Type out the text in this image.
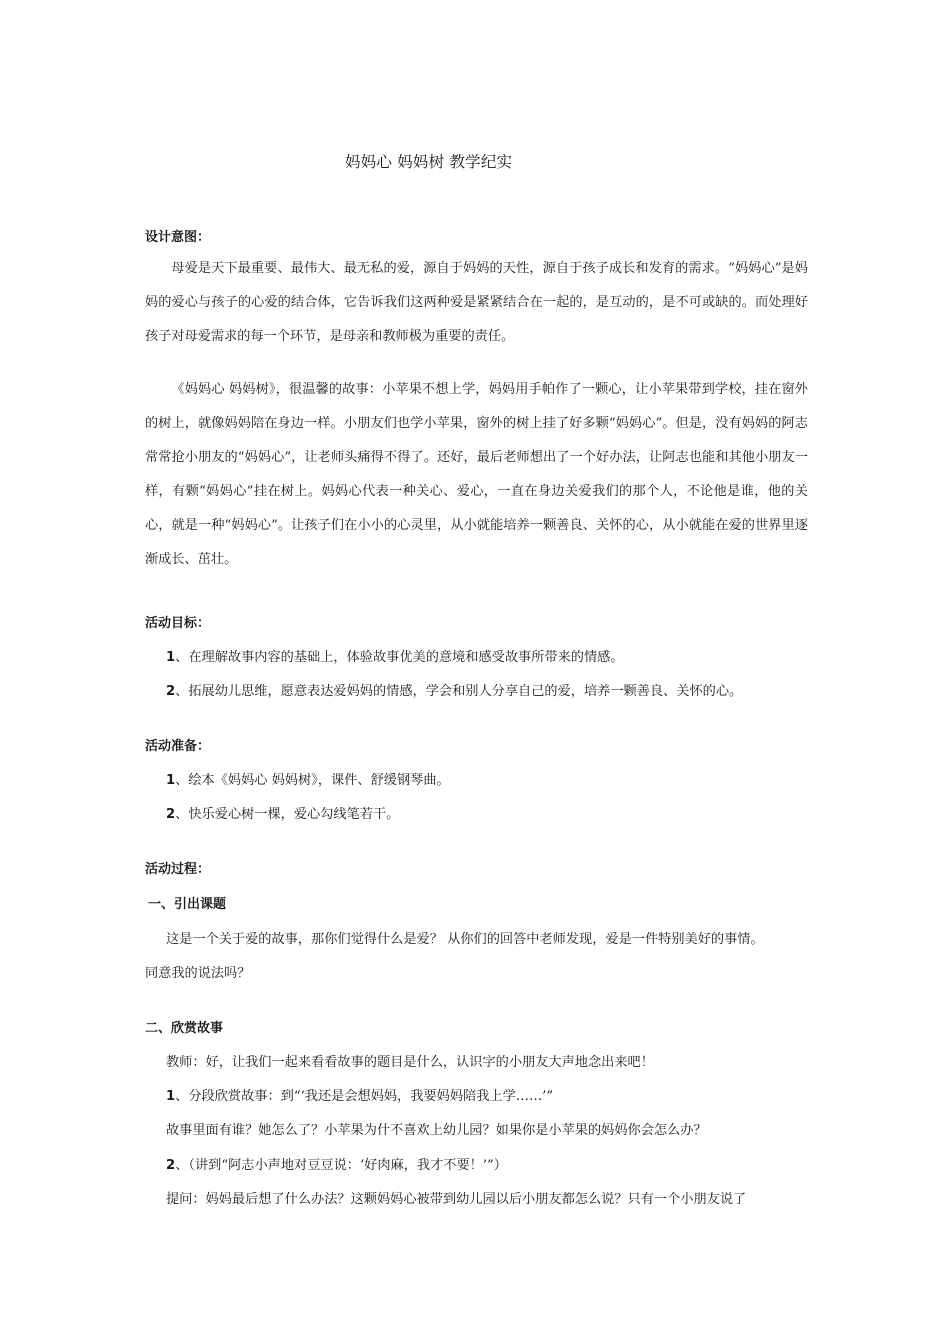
妈妈心 妈妈树 教学纪实
设计意图：

母爱是天下最重要、最伟大、最无私的爱，源自于妈妈的天性，源自于孩子成长和发育的需求。“妈妈心”是妈妈的爱心与孩子的心爱的结合体，它告诉我们这两种爱是紧紧结合在一起的，是互动的，是不可或缺的。而处理好孩子对母爱需求的每一个环节，是母亲和教师极为重要的责任。

《妈妈心 妈妈树》，很温馨的故事：小苹果不想上学，妈妈用手帕作了一颗心，让小苹果带到学校，挂在窗外的树上，就像妈妈陪在身边一样。小朋友们也学小苹果，窗外的树上挂了好多颗“妈妈心”。但是，没有妈妈的阿志常常抢小朋友的“妈妈心”，让老师头痛得不得了。还好，最后老师想出了一个好办法，让阿志也能和其他小朋友一样，有颗“妈妈心”挂在树上。妈妈心代表一种关心、爱心，一直在身边关爱我们的那个人，不论他是谁，他的关心，就是一种“妈妈心”。让孩子们在小小的心灵里，从小就能培养一颗善良、关怀的心，从小就能在爱的世界里逐渐成长、茁壮。

活动目标：
1、在理解故事内容的基础上，体验故事优美的意境和感受故事所带来的情感。
2、拓展幼儿思维，愿意表达爱妈妈的情感，学会和别人分享自己的爱，培养一颗善良、关怀的心。
活动准备：
1、绘本《妈妈心 妈妈树》，课件、舒缓钢琴曲。
2、快乐爱心树一棵，爱心勾线笔若干。
活动过程：
一、引出课题
这是一个关于爱的故事，那你们觉得什么是爱？ 从你们的回答中老师发现，爱是一件特别美好的事情。
同意我的说法吗？
二、欣赏故事
教师：好，让我们一起来看看故事的题目是什么，认识字的小朋友大声地念出来吧！
1、分段欣赏故事：到“‘我还是会想妈妈，我要妈妈陪我上学……’”
故事里面有谁？她怎么了？小苹果为什不喜欢上幼儿园？如果你是小苹果的妈妈你会怎么办？
2、（讲到“阿志小声地对豆豆说：‘好肉麻，我才不要！’”）
提问：妈妈最后想了什么办法？这颗妈妈心被带到幼儿园以后小朋友都怎么说？只有一个小朋友说了
